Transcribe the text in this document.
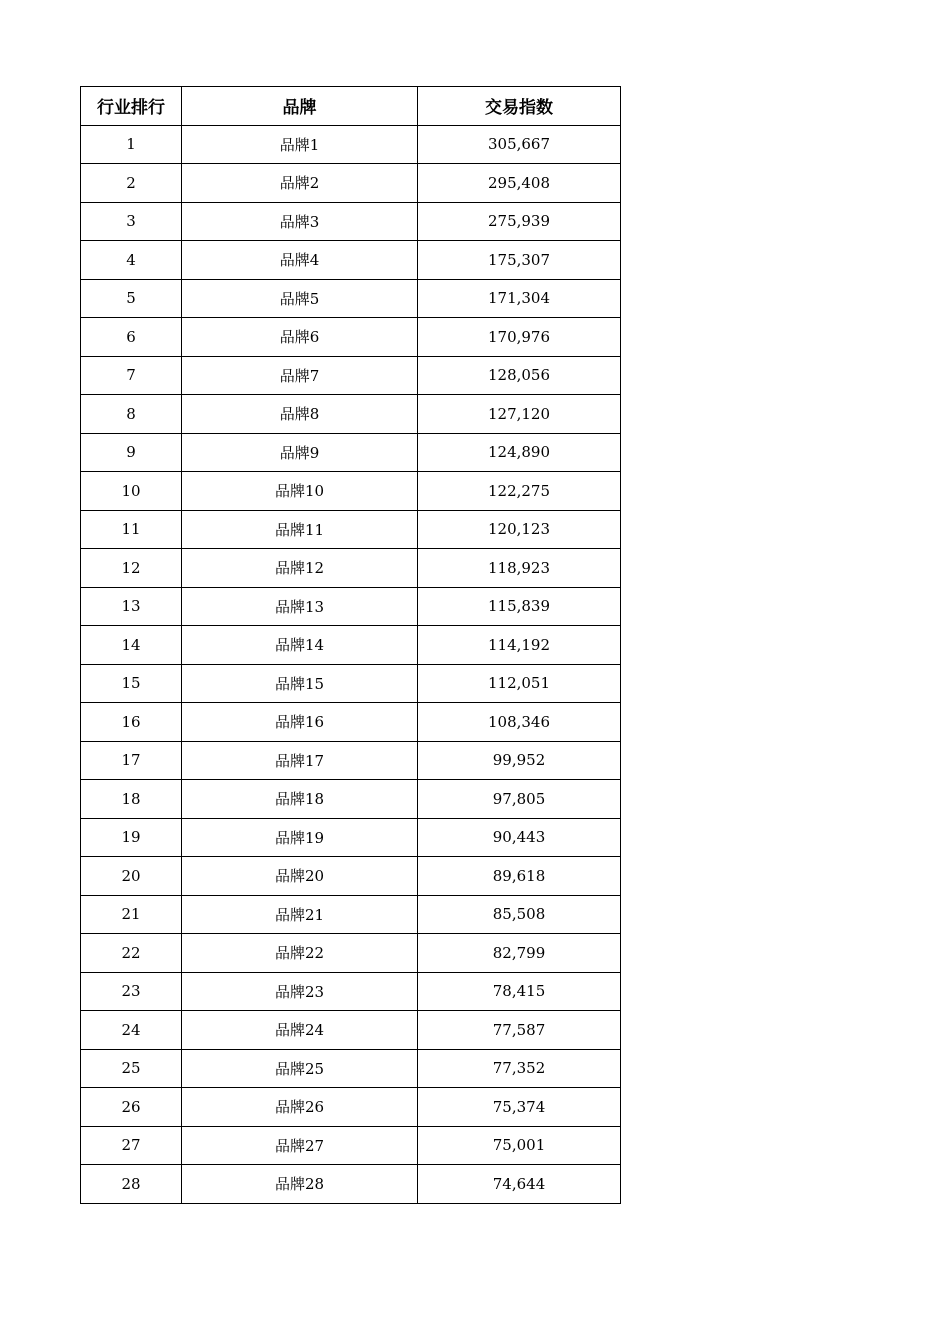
行业排行	品牌	交易指数
1	品牌1	305,667
2	品牌2	295,408
3	品牌3	275,939
4	品牌4	175,307
5	品牌5	171,304
6	品牌6	170,976
7	品牌7	128,056
8	品牌8	127,120
9	品牌9	124,890
10	品牌10	122,275
11	品牌11	120,123
12	品牌12	118,923
13	品牌13	115,839
14	品牌14	114,192
15	品牌15	112,051
16	品牌16	108,346
17	品牌17	99,952
18	品牌18	97,805
19	品牌19	90,443
20	品牌20	89,618
21	品牌21	85,508
22	品牌22	82,799
23	品牌23	78,415
24	品牌24	77,587
25	品牌25	77,352
26	品牌26	75,374
27	品牌27	75,001
28	品牌28	74,644
